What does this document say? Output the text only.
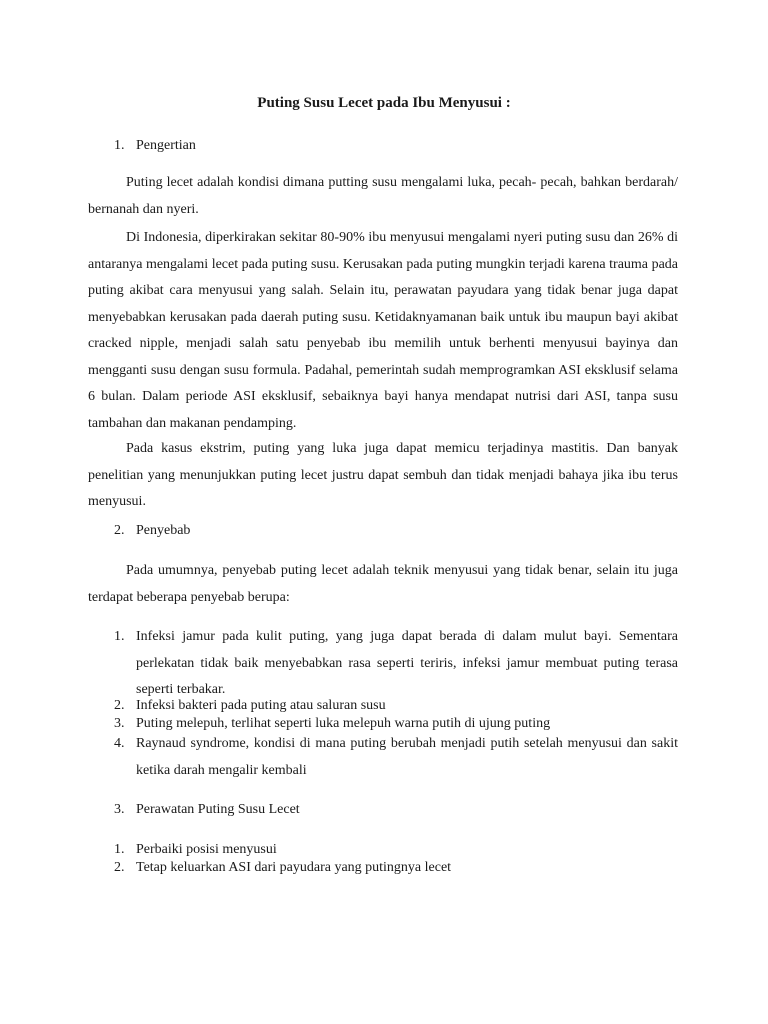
Puting Susu Lecet pada Ibu Menyusui :
1. Pengertian

Puting lecet adalah kondisi dimana putting susu mengalami luka, pecah- pecah, bahkan berdarah/ bernanah dan nyeri.

Di Indonesia, diperkirakan sekitar 80-90% ibu menyusui mengalami nyeri puting susu dan 26% di antaranya mengalami lecet pada puting susu. Kerusakan pada puting mungkin terjadi karena trauma pada puting akibat cara menyusui yang salah. Selain itu, perawatan payudara yang tidak benar juga dapat menyebabkan kerusakan pada daerah puting susu. Ketidaknyamanan baik untuk ibu maupun bayi akibat cracked nipple, menjadi salah satu penyebab ibu memilih untuk berhenti menyusui bayinya dan mengganti susu dengan susu formula. Padahal, pemerintah sudah memprogramkan ASI eksklusif selama 6 bulan. Dalam periode ASI eksklusif, sebaiknya bayi hanya mendapat nutrisi dari ASI, tanpa susu tambahan dan makanan pendamping.

Pada kasus ekstrim, puting yang luka juga dapat memicu terjadinya mastitis. Dan banyak penelitian yang menunjukkan puting lecet justru dapat sembuh dan tidak menjadi bahaya jika ibu terus menyusui.

2. Penyebab

Pada umumnya, penyebab puting lecet adalah teknik menyusui yang tidak benar, selain itu juga terdapat beberapa penyebab berupa:

1. Infeksi jamur pada kulit puting, yang juga dapat berada di dalam mulut bayi. Sementara perlekatan tidak baik menyebabkan rasa seperti teriris, infeksi jamur membuat puting terasa seperti terbakar.
2. Infeksi bakteri pada puting atau saluran susu
3. Puting melepuh, terlihat seperti luka melepuh warna putih di ujung puting
4. Raynaud syndrome, kondisi di mana puting berubah menjadi putih setelah menyusui dan sakit ketika darah mengalir kembali
3. Perawatan Puting Susu Lecet
1. Perbaiki posisi menyusui
2. Tetap keluarkan ASI dari payudara yang putingnya lecet
